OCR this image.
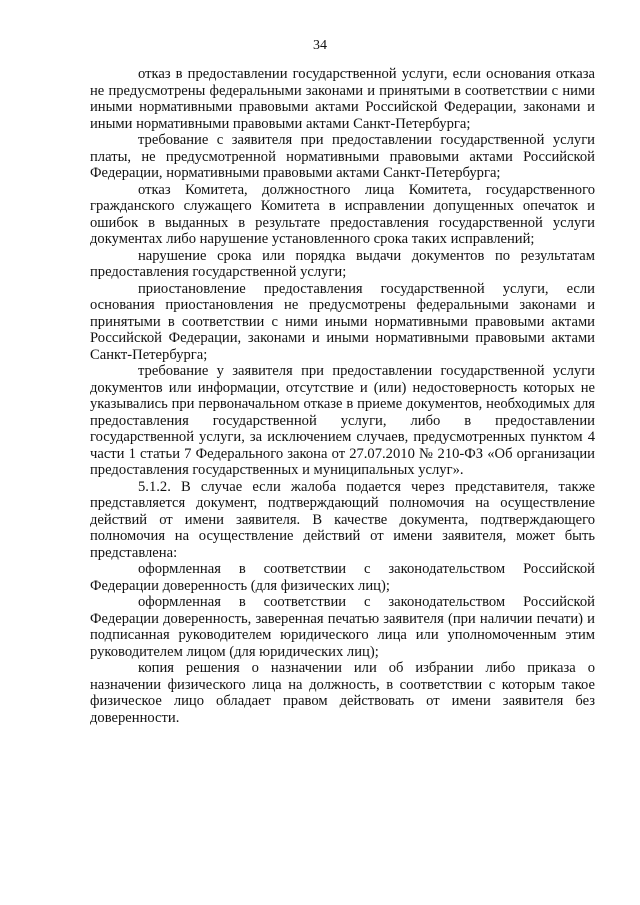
34

отказ в предоставлении государственной услуги, если основания отказа не предусмотрены федеральными законами и принятыми в соответствии с ними иными нормативными правовыми актами Российской Федерации, законами и иными нормативными правовыми актами Санкт-Петербурга;

требование с заявителя при предоставлении государственной услуги платы, не предусмотренной нормативными правовыми актами Российской Федерации, нормативными правовыми актами Санкт-Петербурга;

отказ Комитета, должностного лица Комитета, государственного гражданского служащего Комитета в исправлении допущенных опечаток и ошибок в выданных в результате предоставления государственной услуги документах либо нарушение установленного срока таких исправлений;

нарушение срока или порядка выдачи документов по результатам предоставления государственной услуги;

приостановление предоставления государственной услуги, если основания приостановления не предусмотрены федеральными законами и принятыми в соответствии с ними иными нормативными правовыми актами Российской Федерации, законами и иными нормативными правовыми актами Санкт-Петербурга;

требование у заявителя при предоставлении государственной услуги документов или информации, отсутствие и (или) недостоверность которых не указывались при первоначальном отказе в приеме документов, необходимых для предоставления государственной услуги, либо в предоставлении государственной услуги, за исключением случаев, предусмотренных пунктом 4 части 1 статьи 7 Федерального закона от 27.07.2010 № 210-ФЗ «Об организации предоставления государственных и муниципальных услуг».

5.1.2. В случае если жалоба подается через представителя, также представляется документ, подтверждающий полномочия на осуществление действий от имени заявителя. В качестве документа, подтверждающего полномочия на осуществление действий от имени заявителя, может быть представлена:

оформленная в соответствии с законодательством Российской Федерации доверенность (для физических лиц);

оформленная в соответствии с законодательством Российской Федерации доверенность, заверенная печатью заявителя (при наличии печати) и подписанная руководителем юридического лица или уполномоченным этим руководителем лицом (для юридических лиц);

копия решения о назначении или об избрании либо приказа о назначении физического лица на должность, в соответствии с которым такое физическое лицо обладает правом действовать от имени заявителя без доверенности.
